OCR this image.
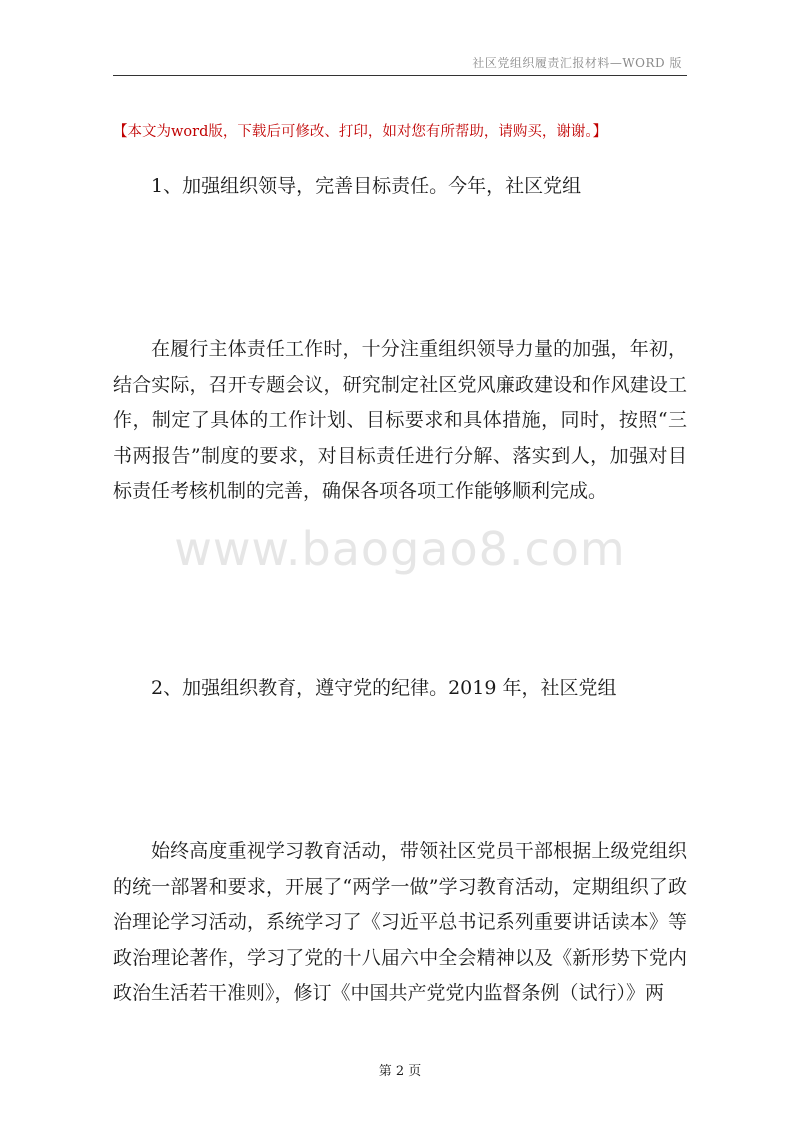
社区党组织履责汇报材料—WORD 版
【本文为word版，下载后可修改、打印，如对您有所帮助，请购买，谢谢。】

1、加强组织领导，完善目标责任。今年，社区党组

在履行主体责任工作时，十分注重组织领导力量的加强，年初，结合实际，召开专题会议，研究制定社区党风廉政建设和作风建设工作，制定了具体的工作计划、目标要求和具体措施，同时，按照“三书两报告”制度的要求，对目标责任进行分解、落实到人，加强对目标责任考核机制的完善，确保各项各项工作能够顺利完成。

www.baogao8.com

2、加强组织教育，遵守党的纪律。2019 年，社区党组

始终高度重视学习教育活动，带领社区党员干部根据上级党组织的统一部署和要求，开展了“两学一做”学习教育活动，定期组织了政治理论学习活动，系统学习了《习近平总书记系列重要讲话读本》等政治理论著作，学习了党的十八届六中全会精神以及《新形势下党内政治生活若干准则》，修订《中国共产党党内监督条例（试行）》两

第 2 页
